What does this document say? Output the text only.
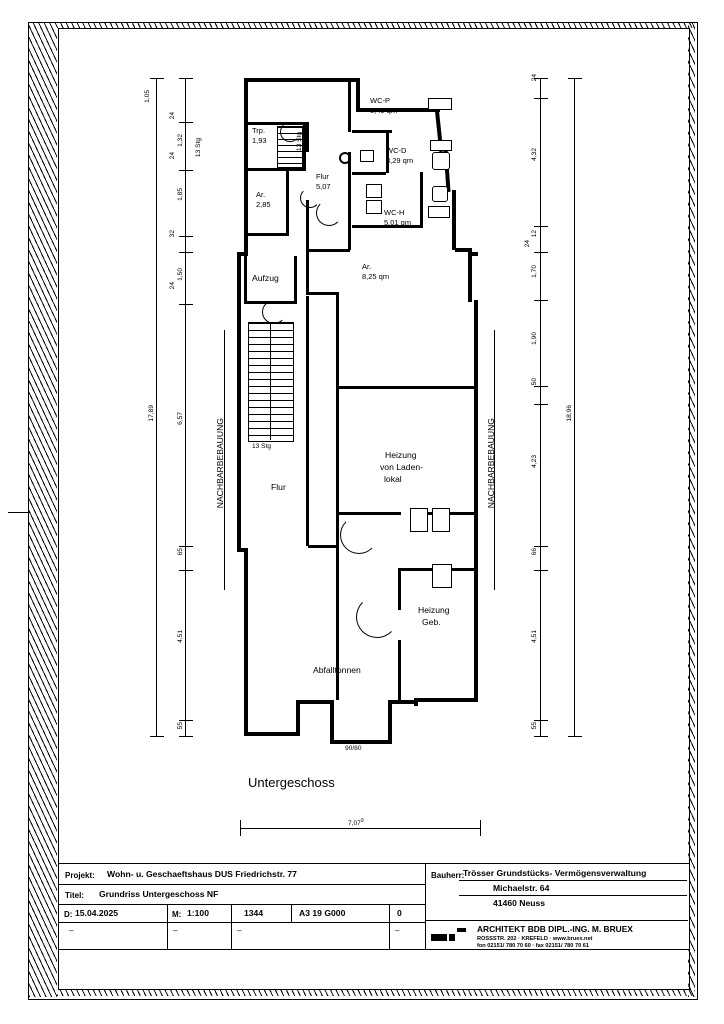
WC-P
3,49 qm
WC-D
3,29 qm
WC-H
5,01 qm
Flur
5,07
Ar.
2,85
Ar.
8,25 qm
Aufzug
Flur
Heizung
von Laden-
lokal
Heizung
Geb.
Abfalltonnen
Trp.
1,93	13 Stg
13 Stg
90/80
NACHBARBEBAUUNG	NACHBARBEBAUUNG
Untergeschoss
17,89
1,05
1,32
1,85
1,50
6,57
65
4,51
55
24
24
32
24
13 Stg
24
4,32
12
1,70
1,90
50
4,23
66
4,51
55
24
18,96
7,07$^9$
Projekt: Wohn- u. Geschaeftshaus DUS Friedrichstr. 77
Titel: Grundriss Untergeschoss NF
D: 15.04.2025	M: 1:100	1344	A3 19 G000	0
–	–	–	–
Bauherr:
Trösser Grundstücks- Vermögensverwaltung
Michaelstr. 64
41460 Neuss
ARCHITEKT BDB DIPL.-ING. M. BRUEX
ROSSSTR. 202 · KREFELD · www.bruex.net
fon 02151/ 780 70 60 · fax 02151/ 780 70 61
